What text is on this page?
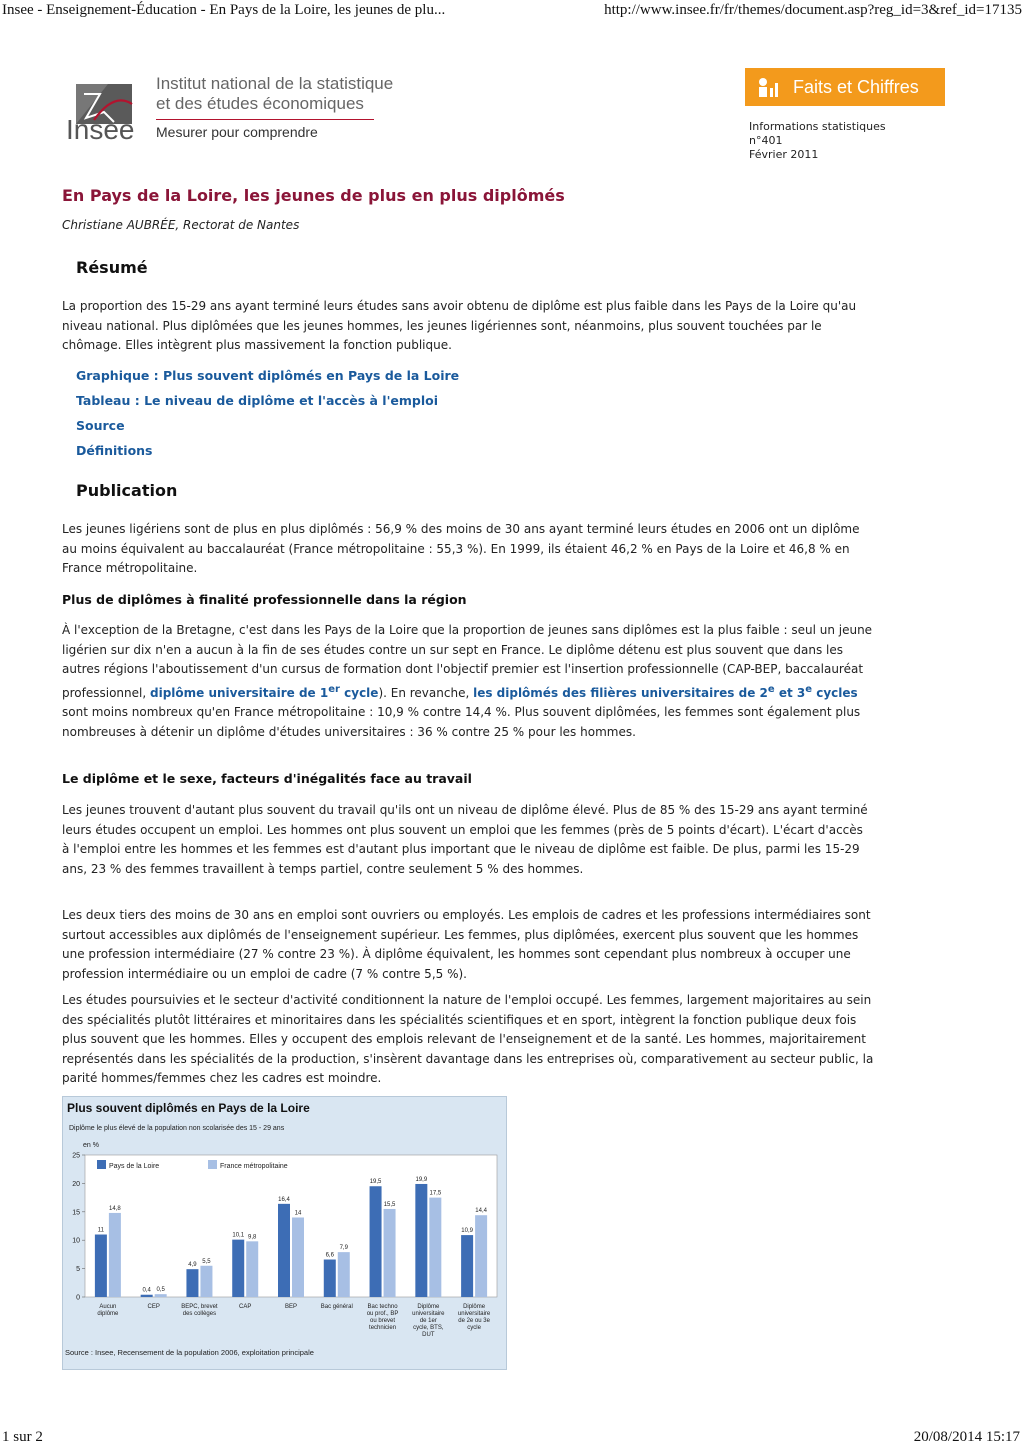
Insee - Enseignement-Éducation - En Pays de la Loire, les jeunes de plu...	http://www.insee.fr/fr/themes/document.asp?reg_id=3&ref_id=17135
Insee
Institut national de la statistique
et des études économiques
Mesurer pour comprendre
Faits et Chiffres
Informations statistiques
n°401
Février 2011
En Pays de la Loire, les jeunes de plus en plus diplômés
Christiane AUBRÉE, Rectorat de Nantes
Résumé

La proportion des 15-29 ans ayant terminé leurs études sans avoir obtenu de diplôme est plus faible dans les Pays de la Loire qu'au niveau national. Plus diplômées que les jeunes hommes, les jeunes ligériennes sont, néanmoins, plus souvent touchées par le chômage. Elles intègrent plus massivement la fonction publique.

Graphique : Plus souvent diplômés en Pays de la Loire
Tableau : Le niveau de diplôme et l'accès à l'emploi
Source
Définitions
Publication

Les jeunes ligériens sont de plus en plus diplômés : 56,9 % des moins de 30 ans ayant terminé leurs études en 2006 ont un diplôme au moins équivalent au baccalauréat (France métropolitaine : 55,3 %). En 1999, ils étaient 46,2 % en Pays de la Loire et 46,8 % en France métropolitaine.

Plus de diplômes à finalité professionnelle dans la région

À l'exception de la Bretagne, c'est dans les Pays de la Loire que la proportion de jeunes sans diplômes est la plus faible : seul un jeune ligérien sur dix n'en a aucun à la fin de ses études contre un sur sept en France. Le diplôme détenu est plus souvent que dans les autres régions l'aboutissement d'un cursus de formation dont l'objectif premier est l'insertion professionnelle (CAP-BEP, baccalauréat professionnel, diplôme universitaire de 1er cycle). En revanche, les diplômés des filières universitaires de 2e et 3e cycles sont moins nombreux qu'en France métropolitaine : 10,9 % contre 14,4 %. Plus souvent diplômées, les femmes sont également plus nombreuses à détenir un diplôme d'études universitaires : 36 % contre 25 % pour les hommes.

Le diplôme et le sexe, facteurs d'inégalités face au travail

Les jeunes trouvent d'autant plus souvent du travail qu'ils ont un niveau de diplôme élevé. Plus de 85 % des 15-29 ans ayant terminé leurs études occupent un emploi. Les hommes ont plus souvent un emploi que les femmes (près de 5 points d'écart). L'écart d'accès à l'emploi entre les hommes et les femmes est d'autant plus important que le niveau de diplôme est faible. De plus, parmi les 15-29 ans, 23 % des femmes travaillent à temps partiel, contre seulement 5 % des hommes.

Les deux tiers des moins de 30 ans en emploi sont ouvriers ou employés. Les emplois de cadres et les professions intermédiaires sont surtout accessibles aux diplômés de l'enseignement supérieur. Les femmes, plus diplômées, exercent plus souvent que les hommes une profession intermédiaire (27 % contre 23 %). À diplôme équivalent, les hommes sont cependant plus nombreux à occuper une profession intermédiaire ou un emploi de cadre (7 % contre 5,5 %).

Les études poursuivies et le secteur d'activité conditionnent la nature de l'emploi occupé. Les femmes, largement majoritaires au sein des spécialités plutôt littéraires et minoritaires dans les spécialités scientifiques et en sport, intègrent la fonction publique deux fois plus souvent que les hommes. Elles y occupent des emplois relevant de l'enseignement et de la santé. Les hommes, majoritairement représentés dans les spécialités de la production, s'insèrent davantage dans les entreprises où, comparativement au secteur public, la parité hommes/femmes chez les cadres est moindre.

en %
0
5
10
15
20
25
Pays de la Loire	France métropolitaine
11
14,8
Aucun diplôme
0,4 0,5
CEP
4,9
5,5
BEPC, brevet des collèges
10,1 9,8
CAP
16,4
14
BEP
6,6
7,9
Bac général
19,5
15,5
Bac techno ou prof., BP ou brevet technicien
19,9
17,5
Diplôme universitaire de 1er cycle, BTS, DUT
10,9
14,4
Diplôme universitaire de 2e ou 3e cycle
Plus souvent diplômés en Pays de la Loire
Diplôme le plus élevé de la population non scolarisée des 15 - 29 ans
Source : Insee, Recensement de la population 2006, exploitation principale
1 sur 2	20/08/2014 15:17
